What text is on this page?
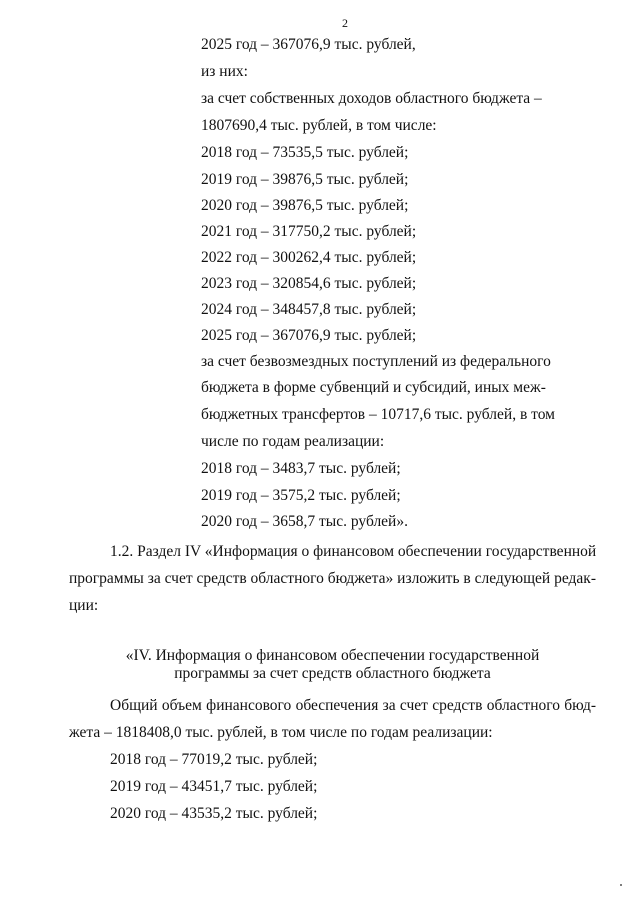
2
2025 год – 367076,9 тыс. рублей,
из них:
за счет собственных доходов областного бюджета –
1807690,4 тыс. рублей, в том числе:
2018 год – 73535,5 тыс. рублей;
2019 год – 39876,5 тыс. рублей;
2020 год – 39876,5 тыс. рублей;
2021 год – 317750,2 тыс. рублей;
2022 год – 300262,4 тыс. рублей;
2023 год – 320854,6 тыс. рублей;
2024 год – 348457,8 тыс. рублей;
2025 год – 367076,9 тыс. рублей;
за счет безвозмездных поступлений из федерального
бюджета в форме субвенций и субсидий, иных меж-
бюджетных трансфертов – 10717,6 тыс. рублей, в том
числе по годам реализации:
2018 год – 3483,7 тыс. рублей;
2019 год – 3575,2 тыс. рублей;
2020 год – 3658,7 тыс. рублей».
1.2. Раздел IV «Информация о финансовом обеспечении государственной
программы за счет средств областного бюджета» изложить в следующей редак-
ции:
«IV. Информация о финансовом обеспечении государственной
программы за счет средств областного бюджета
Общий объем финансового обеспечения за счет средств областного бюд-
жета – 1818408,0 тыс. рублей, в том числе по годам реализации:
2018 год – 77019,2 тыс. рублей;
2019 год – 43451,7 тыс. рублей;
2020 год – 43535,2 тыс. рублей;
